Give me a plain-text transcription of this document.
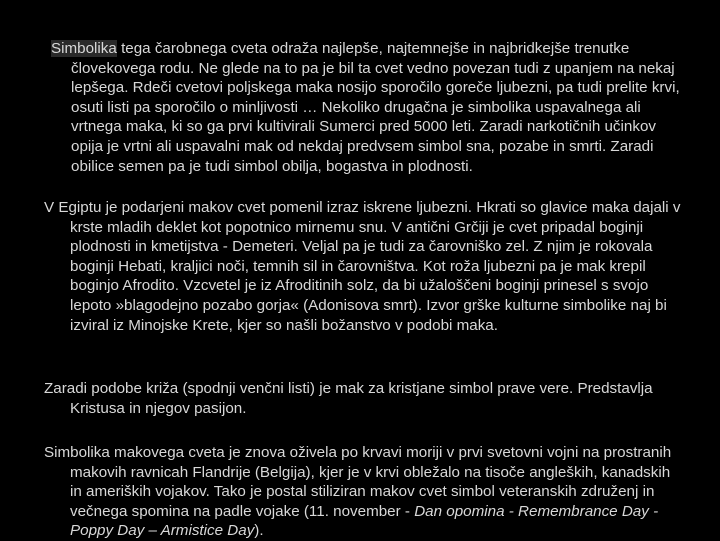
Simbolika tega čarobnega cveta odraža najlepše, najtemnejše in najbridkejše trenutke človekovega rodu. Ne glede na to pa je bil ta cvet vedno povezan tudi z upanjem na nekaj lepšega. Rdeči cvetovi poljskega maka nosijo sporočilo goreče ljubezni, pa tudi prelite krvi, osuti listi pa sporočilo o minljivosti … Nekoliko drugačna je simbolika uspavalnega ali vrtnega maka, ki so ga prvi kultivirali Sumerci pred 5000 leti. Zaradi narkotičnih učinkov opija je vrtni ali uspavalni mak od nekdaj predvsem simbol sna, pozabe in smrti. Zaradi obilice semen pa je tudi simbol obilja, bogastva in plodnosti.

V Egiptu je podarjeni makov cvet pomenil izraz iskrene ljubezni. Hkrati so glavice maka dajali v krste mladih deklet kot popotnico mirnemu snu. V antični Grčiji je cvet pripadal boginji plodnosti in kmetijstva - Demeteri. Veljal pa je tudi za čarovniško zel. Z njim je rokovala boginji Hebati, kraljici noči, temnih sil in čarovništva. Kot roža ljubezni pa je mak krepil boginjo Afrodito. Vzcvetel je iz Afroditinih solz, da bi užaloščeni boginji prinesel s svojo lepoto »blagodejno pozabo gorja« (Adonisova smrt). Izvor grške kulturne simbolike naj bi izviral iz Minojske Krete, kjer so našli božanstvo v podobi maka.

Zaradi podobe križa (spodnji venčni listi) je mak za kristjane simbol prave vere. Predstavlja Kristusa in njegov pasijon.

Simbolika makovega cveta je znova oživela po krvavi moriji v prvi svetovni vojni na prostranih makovih ravnicah Flandrije (Belgija), kjer je v krvi obležalo na tisoče angleških, kanadskih in ameriških vojakov. Tako je postal stiliziran makov cvet simbol veteranskih združenj in večnega spomina na padle vojake (11. november - Dan opomina - Remembrance Day - Poppy Day – Armistice Day).
